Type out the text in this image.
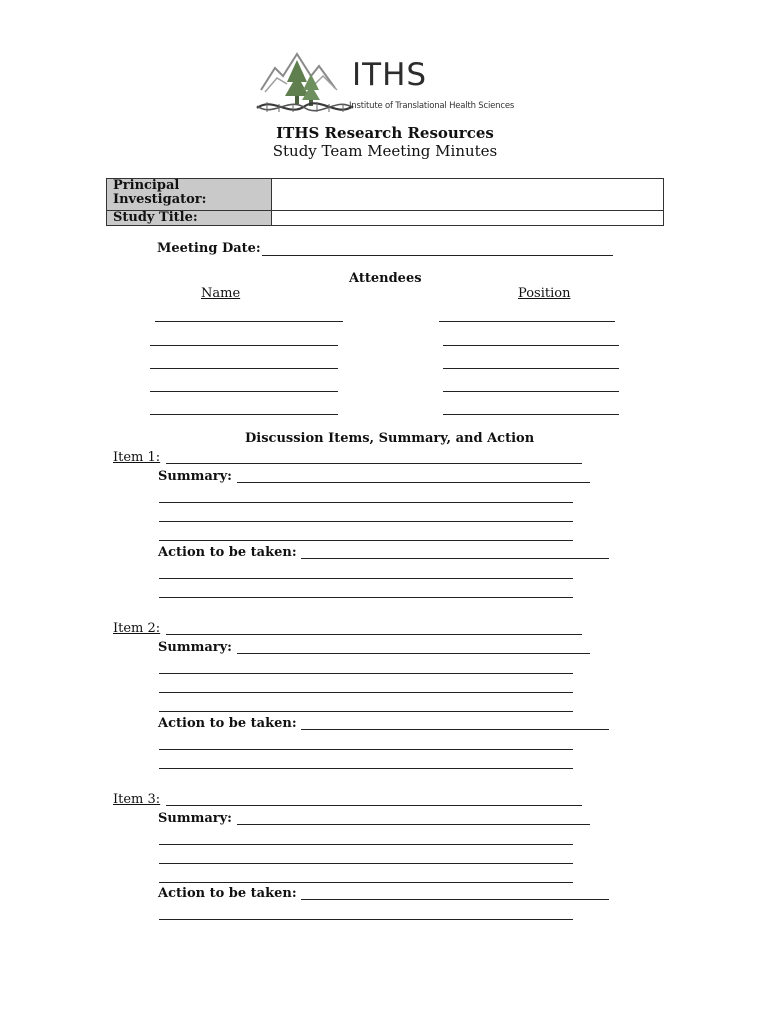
ITHS
Institute of Translational Health Sciences
ITHS Research Resources
Study Team Meeting Minutes
Principal Investigator:	
Study Title:	
Meeting Date:
Attendees
Name	Position
Discussion Items, Summary, and Action
Item 1:
Summary:
Action to be taken:
Item 2:
Summary:
Action to be taken:
Item 3:
Summary:
Action to be taken:
